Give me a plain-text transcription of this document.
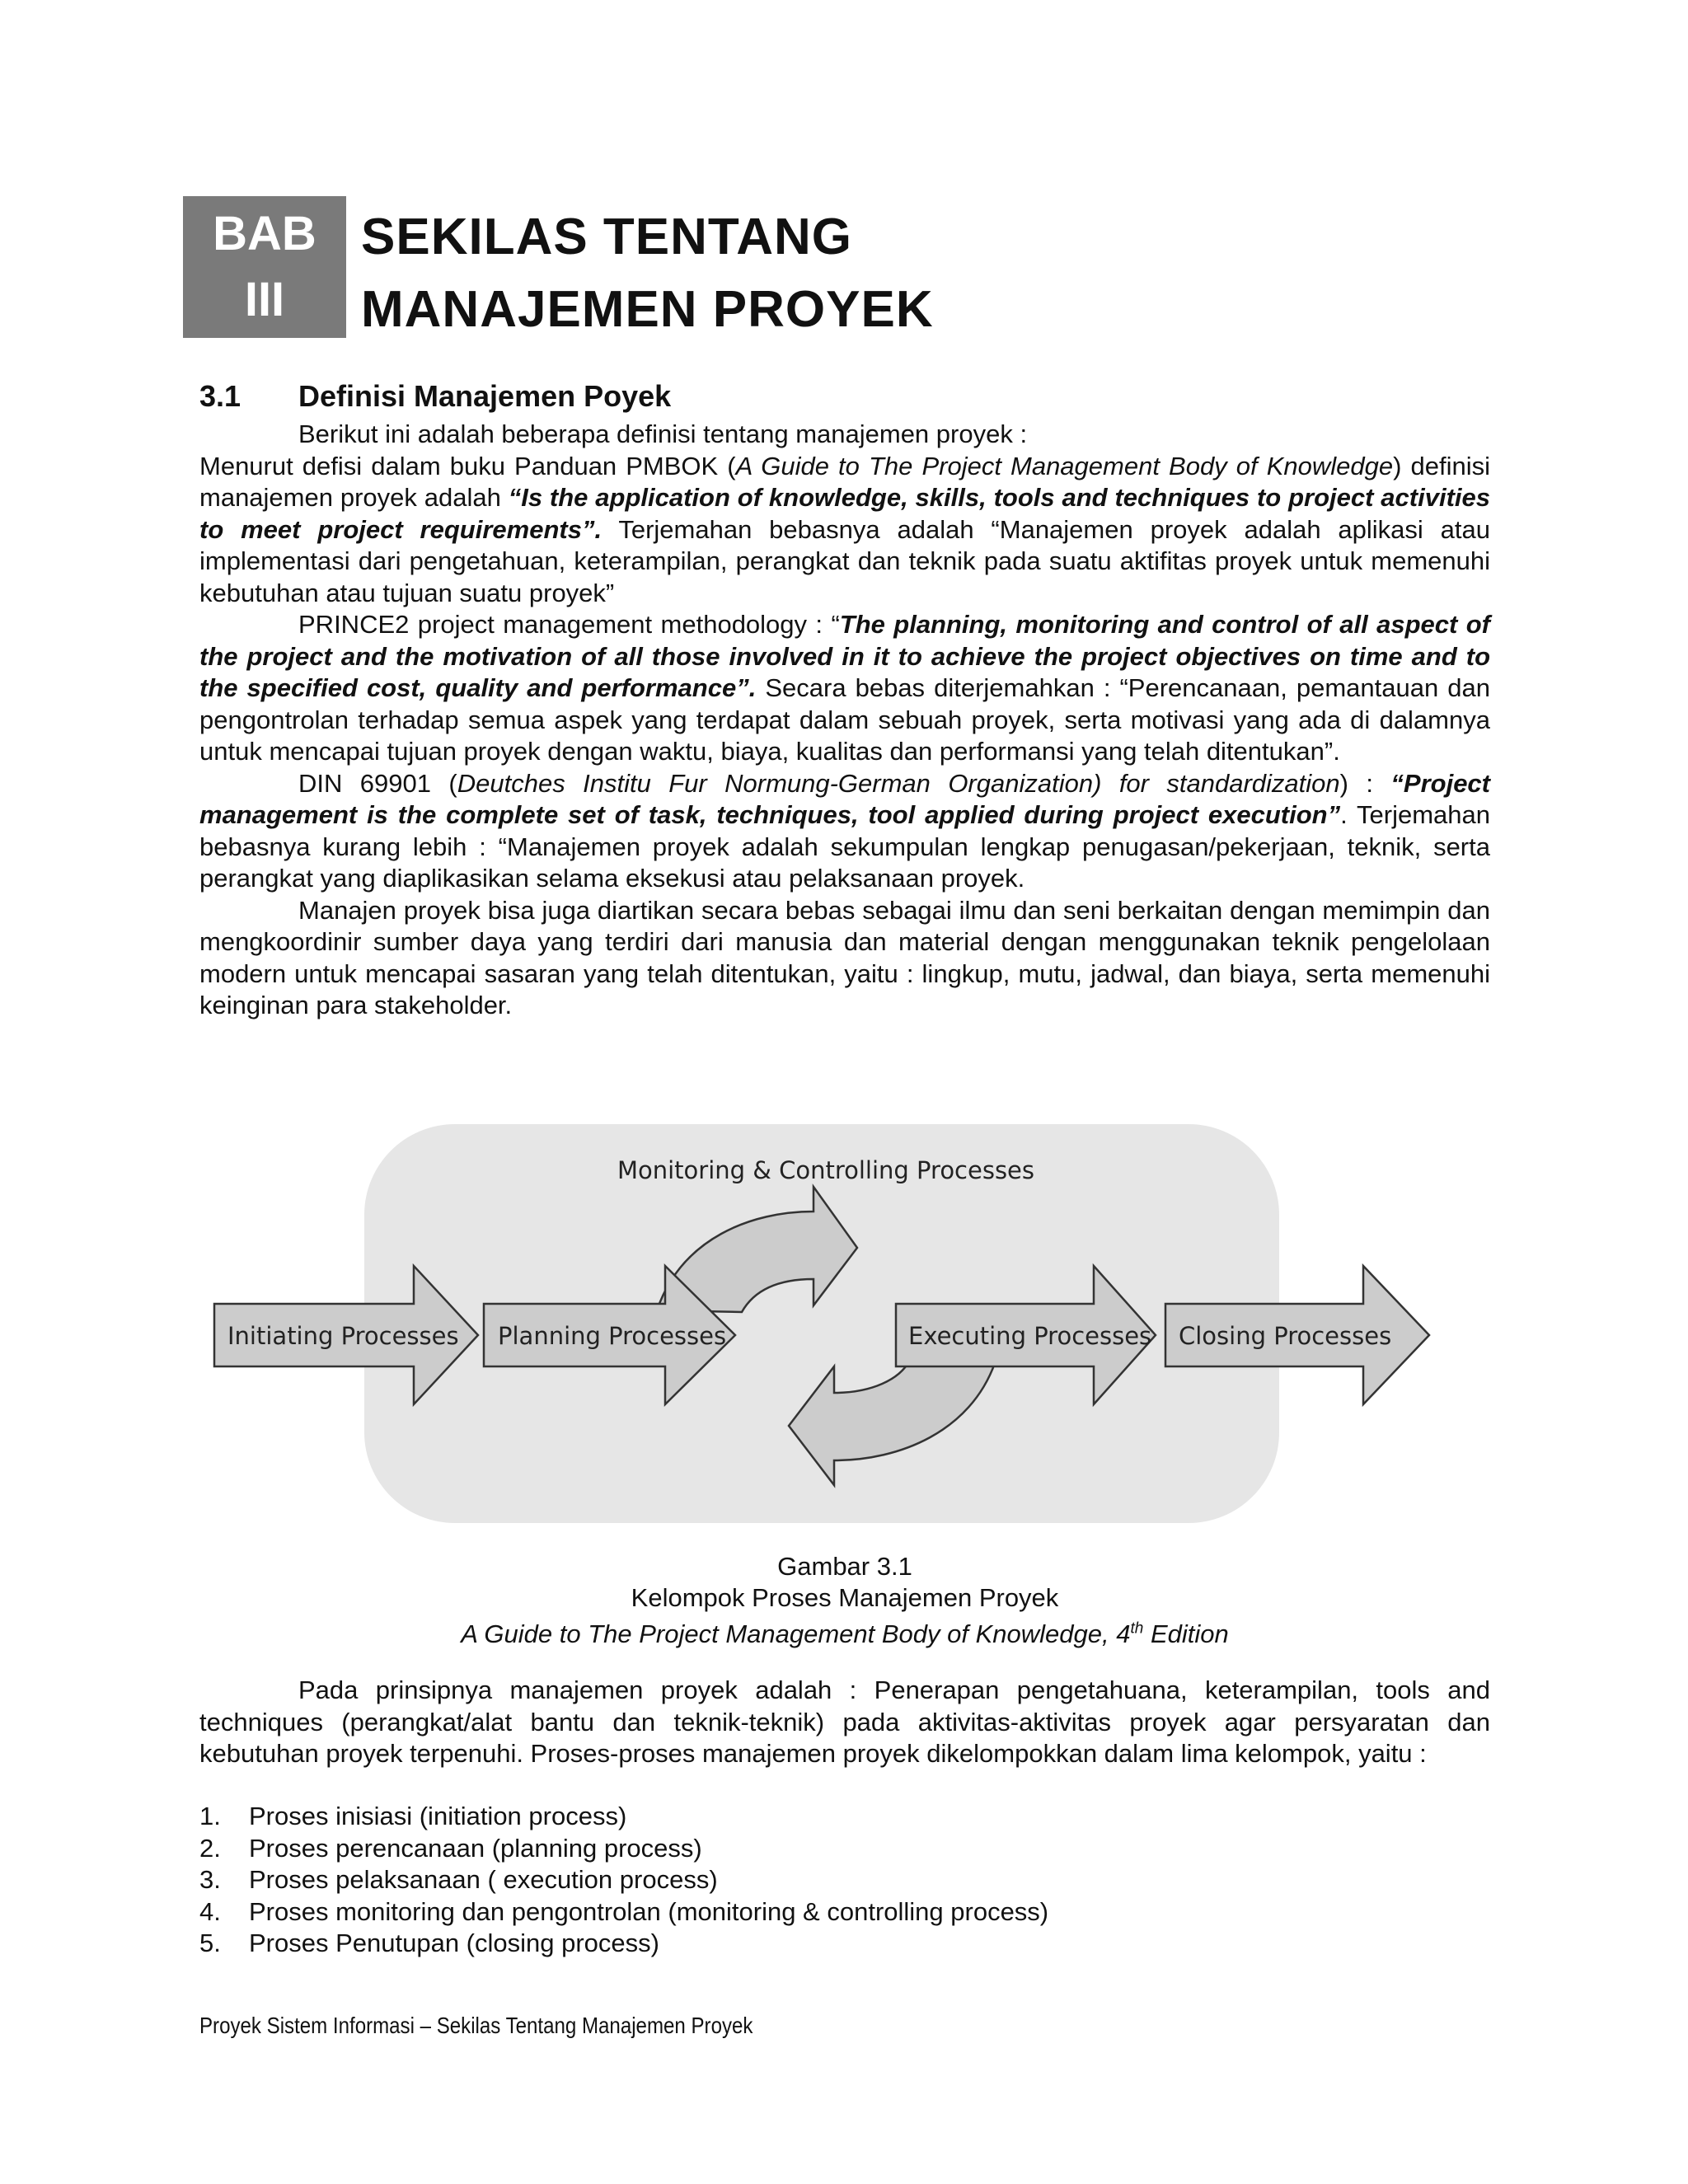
BAB
III
SEKILAS TENTANG
MANAJEMEN PROYEK
3.1 Definisi Manajemen Poyek

Berikut ini adalah beberapa definisi tentang manajemen proyek :

Menurut defisi dalam buku Panduan PMBOK (A Guide to The Project Management Body of Knowledge) definisi manajemen proyek adalah “Is the application of knowledge, skills, tools and techniques to project activities to meet project requirements”. Terjemahan bebasnya adalah “Manajemen proyek adalah aplikasi atau implementasi dari pengetahuan, keterampilan, perangkat dan teknik pada suatu aktifitas proyek untuk memenuhi kebutuhan atau tujuan suatu proyek”

PRINCE2 project management methodology : “The planning, monitoring and control of all aspect of the project and the motivation of all those involved in it to achieve the project objectives on time and to the specified cost, quality and performance”. Secara bebas diterjemahkan : “Perencanaan, pemantauan dan pengontrolan terhadap semua aspek yang terdapat dalam sebuah proyek, serta motivasi yang ada di dalamnya untuk mencapai tujuan proyek dengan waktu, biaya, kualitas dan performansi yang telah ditentukan”.

DIN 69901 (Deutches Institu Fur Normung-German Organization) for standardization) : “Project management is the complete set of task, techniques, tool applied during project execution”. Terjemahan bebasnya kurang lebih : “Manajemen proyek adalah sekumpulan lengkap penugasan/pekerjaan, teknik, serta perangkat yang diaplikasikan selama eksekusi atau pelaksanaan proyek.

Manajen proyek bisa juga diartikan secara bebas sebagai ilmu dan seni berkaitan dengan memimpin dan mengkoordinir sumber daya yang terdiri dari manusia dan material dengan menggunakan teknik pengelolaan modern untuk mencapai sasaran yang telah ditentukan, yaitu : lingkup, mutu, jadwal, dan biaya, serta memenuhi keinginan para stakeholder.

Monitoring & Controlling Processes
Initiating Processes	Closing Processes
Planning Processes	Executing Processes
Gambar 3.1
Kelompok Proses Manajemen Proyek
A Guide to The Project Management Body of Knowledge, 4th Edition

Pada prinsipnya manajemen proyek adalah : Penerapan pengetahuana, keterampilan, tools and techniques (perangkat/alat bantu dan teknik-teknik) pada aktivitas-aktivitas proyek agar persyaratan dan kebutuhan proyek terpenuhi. Proses-proses manajemen proyek dikelompokkan dalam lima kelompok, yaitu :

1.	Proses inisiasi (initiation process)
2.	Proses perencanaan (planning process)
3.	Proses pelaksanaan ( execution process)
4.	Proses monitoring dan pengontrolan (monitoring & controlling process)
5.	Proses Penutupan (closing process)
Proyek Sistem Informasi – Sekilas Tentang Manajemen Proyek
